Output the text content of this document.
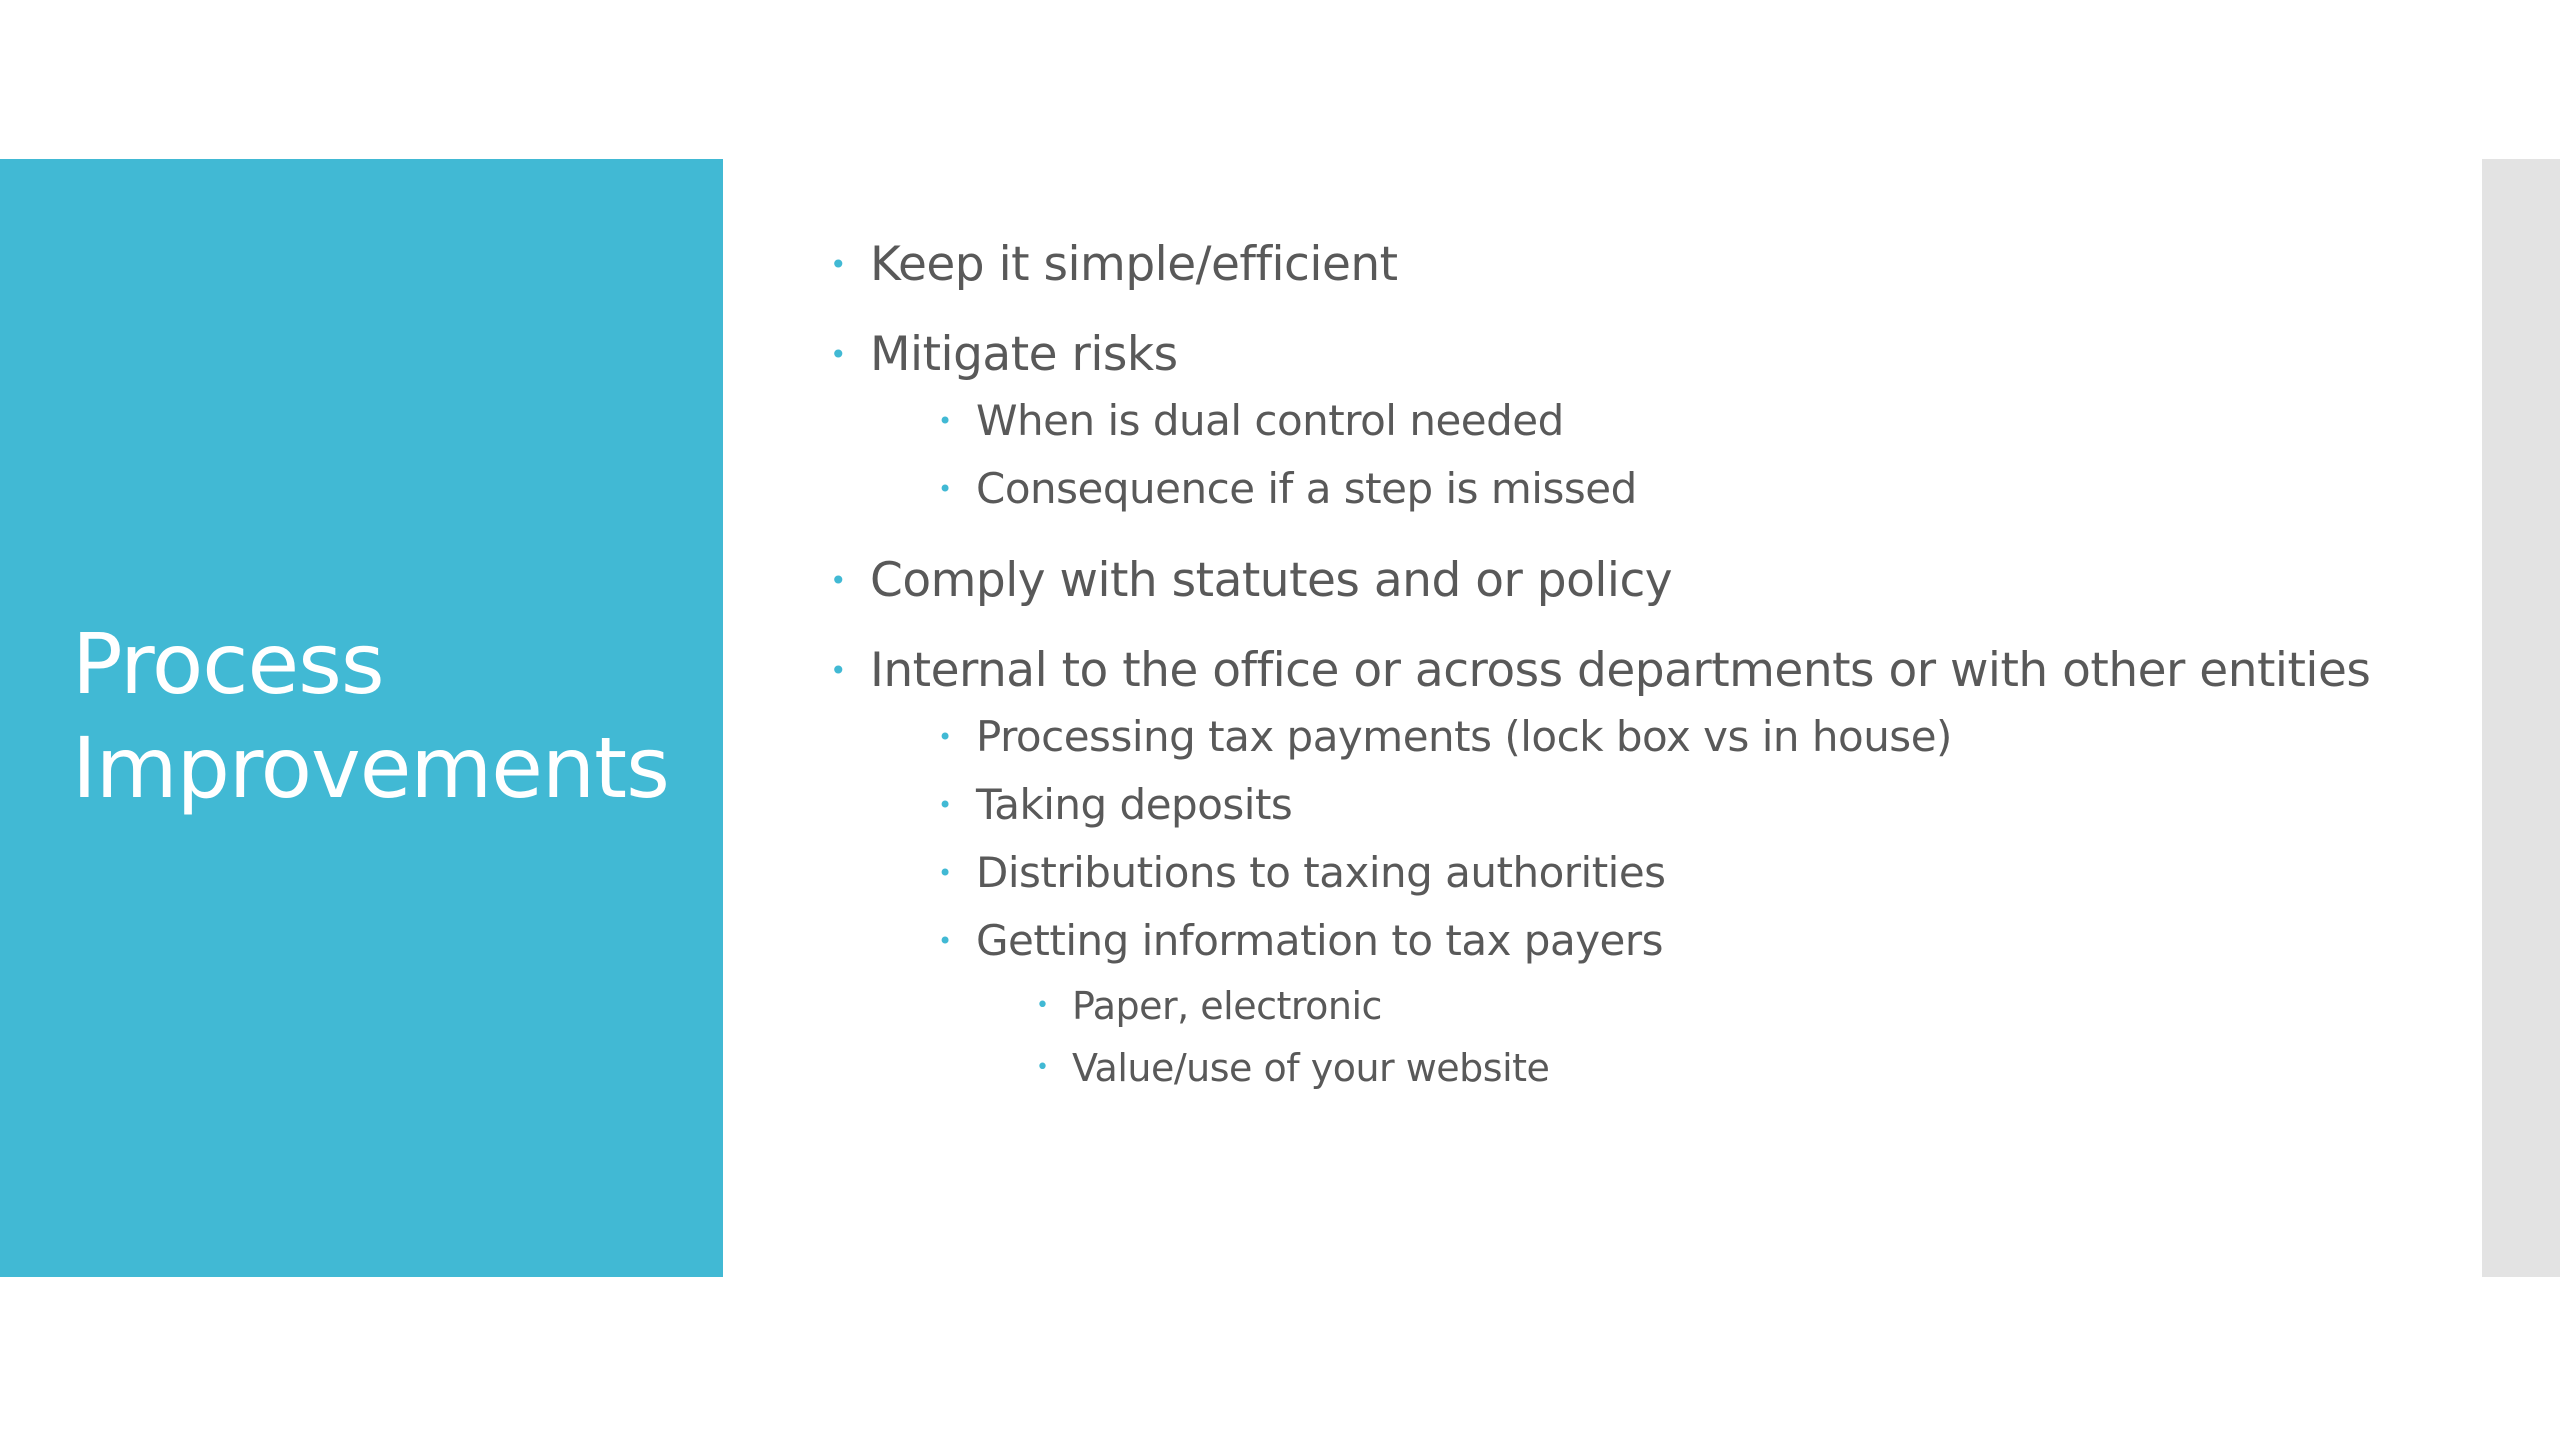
Process
Improvements
• Keep it simple/efficient
• Mitigate risks
• When is dual control needed
• Consequence if a step is missed
• Comply with statutes and or policy
• Internal to the office or across departments or with other entities
• Processing tax payments (lock box vs in house)
• Taking deposits
• Distributions to taxing authorities
• Getting information to tax payers
• Paper, electronic
• Value/use of your website
